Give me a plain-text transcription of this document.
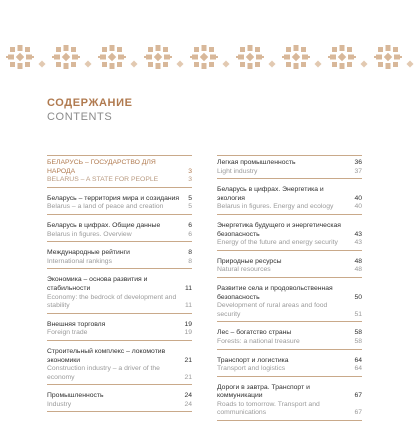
СОДЕРЖАНИЕ
CONTENTS
БЕЛАРУСЬ – ГОСУДАРСТВО ДЛЯ НАРОДА	3
BELARUS – A STATE FOR PEOPLE	3
Беларусь – территория мира и созидания	5
Belarus – a land of peace and creation	5
Беларусь в цифрах. Общие данные	6
Belarus in figures. Overview	6
Международные рейтинги	8
International rankings	8
Экономика – основа развития и стабильности	11
Economy: the bedrock of development and stability	11
Внешняя торговля	19
Foreign trade	19
Строительный комплекс – локомотив экономики	21
Construction industry – a driver of the economy	21
Промышленность	24
Industry	24
Легкая промышленность	36
Light industry	37
Беларусь в цифрах. Энергетика и экология	40
Belarus in figures. Energy and ecology	40
Энергетика будущего и энергетическая безопасность	43
Energy of the future and energy security	43
Природные ресурсы	48
Natural resources	48
Развитие села и продовольственная безопасность	50
Development of rural areas and food security	51
Лес – богатство страны	58
Forests: a national treasure	58
Транспорт и логистика	64
Transport and logistics	64
Дороги в завтра. Транспорт и коммуникации	67
Roads to tomorrow. Transport and communications	67
